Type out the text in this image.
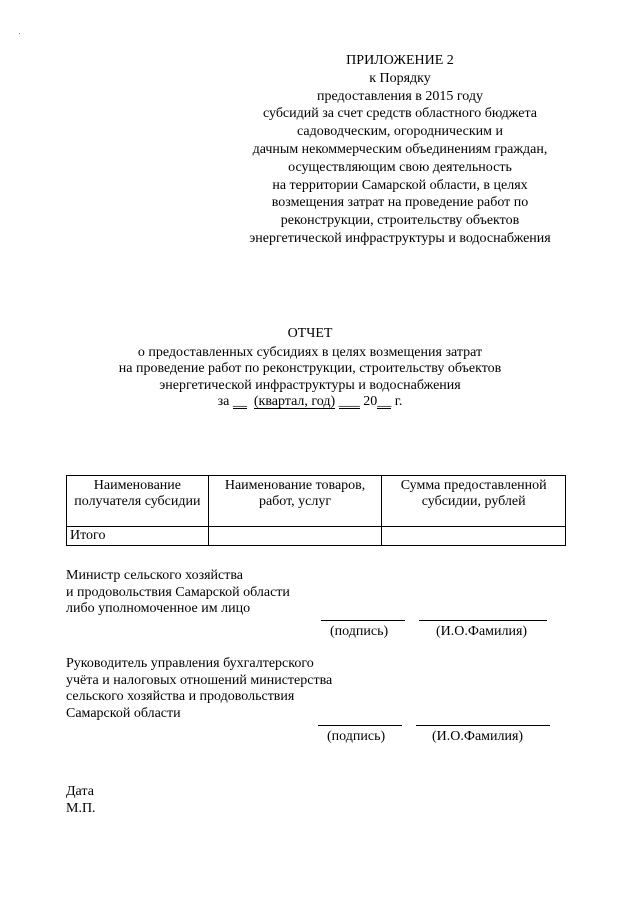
ПРИЛОЖЕНИЕ 2
к Порядку
предоставления в 2015 году
субсидий за счет средств областного бюджета
садоводческим, огородническим и
дачным некоммерческим объединениям граждан,
осуществляющим свою деятельность
на территории Самарской области, в целях
возмещения затрат на проведение работ по
реконструкции, строительству объектов
энергетической инфраструктуры и водоснабжения
ОТЧЕТ
о предоставленных субсидиях в целях возмещения затрат
на проведение работ по реконструкции, строительству объектов
энергетической инфраструктуры и водоснабжения
за __ (квартал, год) ___ 20__ г.
Наименование получателя субсидии	Наименование товаров, работ, услуг	Сумма предоставленной субсидии, рублей
Итого		
Министр сельского хозяйства
и продовольствия Самарской области
либо уполномоченное им лицо
(подпись)	(И.О.Фамилия)
Руководитель управления бухгалтерского
учёта и налоговых отношений министерства
сельского хозяйства и продовольствия
Самарской области
(подпись)	(И.О.Фамилия)
Дата
М.П.
